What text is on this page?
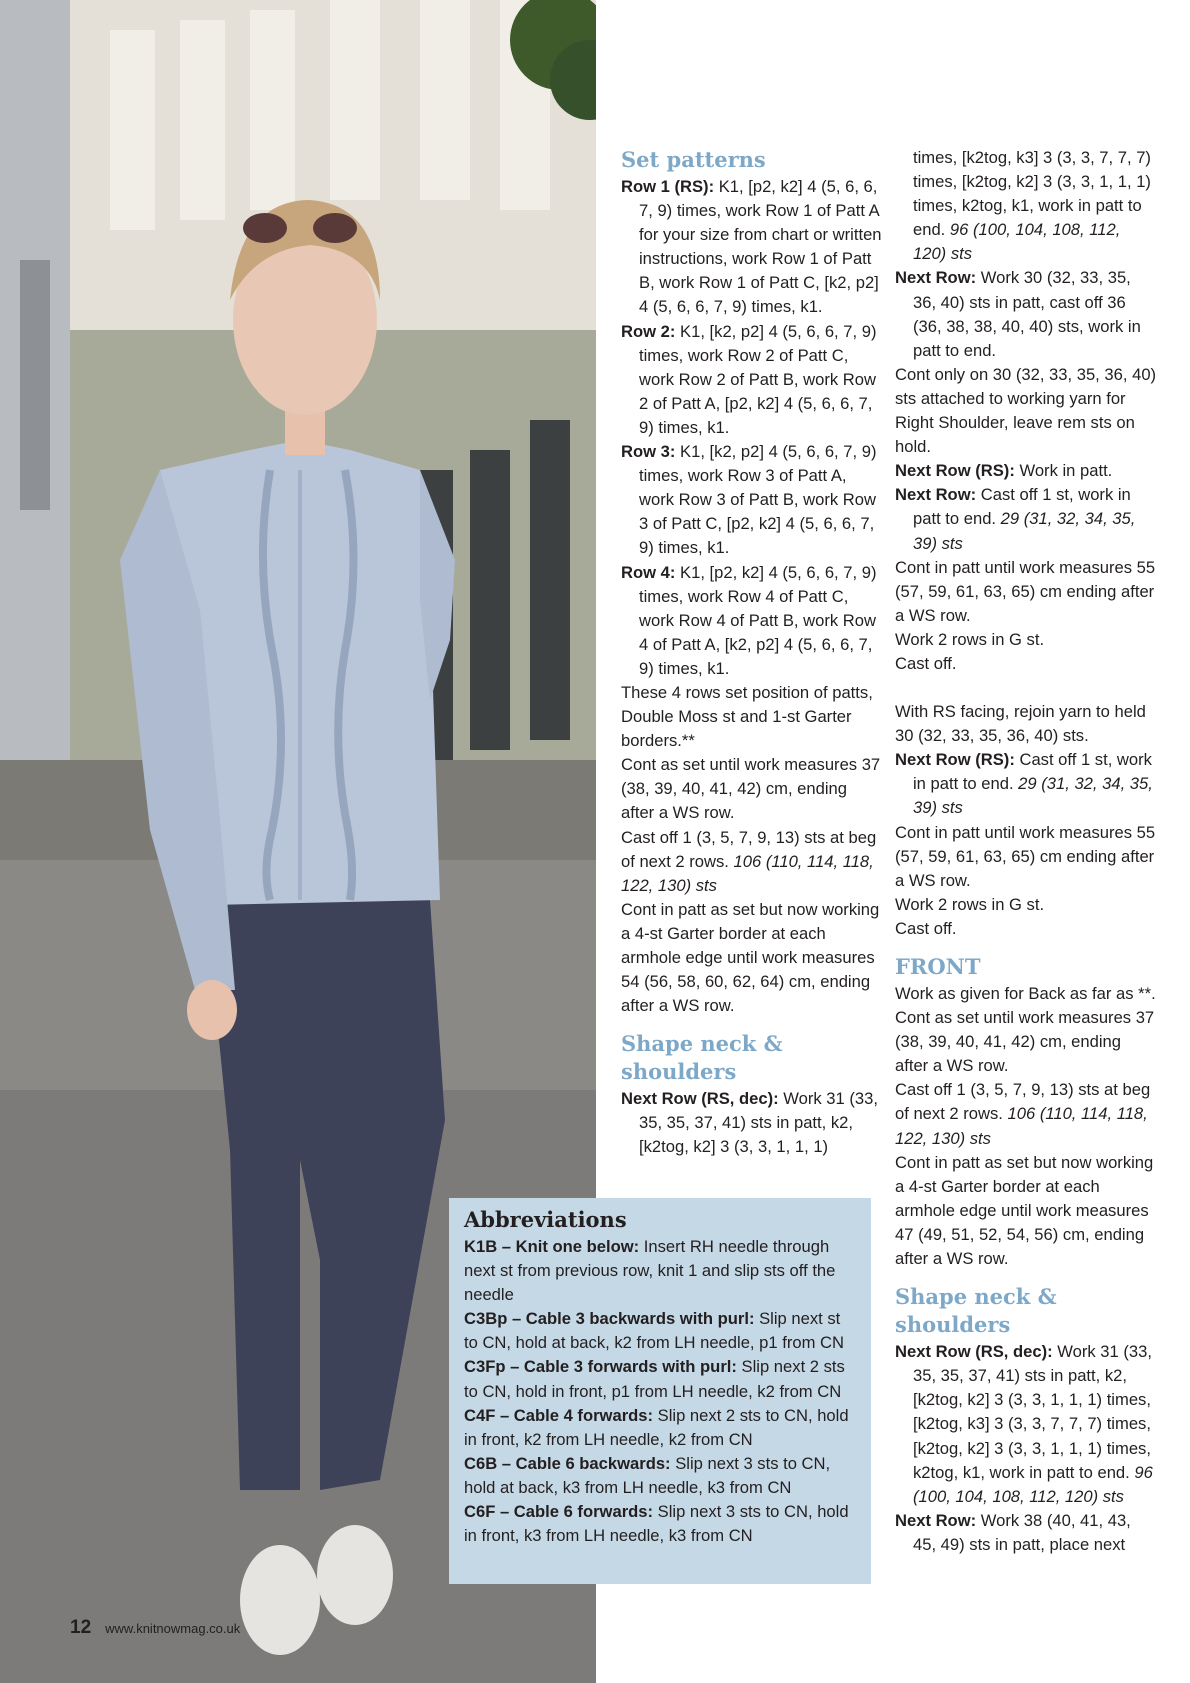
Set patterns

Row 1 (RS): K1, [p2, k2] 4 (5, 6, 6, 7, 9) times, work Row 1 of Patt A for your size from chart or written instructions, work Row 1 of Patt B, work Row 1 of Patt C, [k2, p2] 4 (5, 6, 6, 7, 9) times, k1.

Row 2: K1, [k2, p2] 4 (5, 6, 6, 7, 9) times, work Row 2 of Patt C, work Row 2 of Patt B, work Row 2 of Patt A, [p2, k2] 4 (5, 6, 6, 7, 9) times, k1.

Row 3: K1, [k2, p2] 4 (5, 6, 6, 7, 9) times, work Row 3 of Patt A, work Row 3 of Patt B, work Row 3 of Patt C, [p2, k2] 4 (5, 6, 6, 7, 9) times, k1.

Row 4: K1, [p2, k2] 4 (5, 6, 6, 7, 9) times, work Row 4 of Patt C, work Row 4 of Patt B, work Row 4 of Patt A, [k2, p2] 4 (5, 6, 6, 7, 9) times, k1.

These 4 rows set position of patts, Double Moss st and 1-st Garter borders.**

Cont as set until work measures 37 (38, 39, 40, 41, 42) cm, ending after a WS row.

Cast off 1 (3, 5, 7, 9, 13) sts at beg of next 2 rows. 106 (110, 114, 118, 122, 130) sts

Cont in patt as set but now working a 4-st Garter border at each armhole edge until work measures 54 (56, 58, 60, 62, 64) cm, ending after a WS row.

Shape neck & shoulders

Next Row (RS, dec): Work 31 (33, 35, 35, 37, 41) sts in patt, k2, [k2tog, k2] 3 (3, 3, 1, 1, 1)

times, [k2tog, k3] 3 (3, 3, 7, 7, 7) times, [k2tog, k2] 3 (3, 3, 1, 1, 1) times, k2tog, k1, work in patt to end. 96 (100, 104, 108, 112, 120) sts

Next Row: Work 30 (32, 33, 35, 36, 40) sts in patt, cast off 36 (36, 38, 38, 40, 40) sts, work in patt to end.

Cont only on 30 (32, 33, 35, 36, 40) sts attached to working yarn for Right Shoulder, leave rem sts on hold.

Next Row (RS): Work in patt.

Next Row: Cast off 1 st, work in patt to end. 29 (31, 32, 34, 35, 39) sts

Cont in patt until work measures 55 (57, 59, 61, 63, 65) cm ending after a WS row.

Work 2 rows in G st.

Cast off.

With RS facing, rejoin yarn to held 30 (32, 33, 35, 36, 40) sts.

Next Row (RS): Cast off 1 st, work in patt to end. 29 (31, 32, 34, 35, 39) sts

Cont in patt until work measures 55 (57, 59, 61, 63, 65) cm ending after a WS row.

Work 2 rows in G st.

Cast off.

FRONT

Work as given for Back as far as **.

Cont as set until work measures 37 (38, 39, 40, 41, 42) cm, ending after a WS row.

Cast off 1 (3, 5, 7, 9, 13) sts at beg of next 2 rows. 106 (110, 114, 118, 122, 130) sts

Cont in patt as set but now working a 4-st Garter border at each armhole edge until work measures 47 (49, 51, 52, 54, 56) cm, ending after a WS row.

Shape neck & shoulders

Next Row (RS, dec): Work 31 (33, 35, 35, 37, 41) sts in patt, k2, [k2tog, k2] 3 (3, 3, 1, 1, 1) times, [k2tog, k3] 3 (3, 3, 7, 7, 7) times, [k2tog, k2] 3 (3, 3, 1, 1, 1) times, k2tog, k1, work in patt to end. 96 (100, 104, 108, 112, 120) sts

Next Row: Work 38 (40, 41, 43, 45, 49) sts in patt, place next

Abbreviations

K1B – Knit one below: Insert RH needle through next st from previous row, knit 1 and slip sts off the needle

C3Bp – Cable 3 backwards with purl: Slip next st to CN, hold at back, k2 from LH needle, p1 from CN

C3Fp – Cable 3 forwards with purl: Slip next 2 sts to CN, hold in front, p1 from LH needle, k2 from CN

C4F – Cable 4 forwards: Slip next 2 sts to CN, hold in front, k2 from LH needle, k2 from CN

C6B – Cable 6 backwards: Slip next 3 sts to CN, hold at back, k3 from LH needle, k3 from CN

C6F – Cable 6 forwards: Slip next 3 sts to CN, hold in front, k3 from LH needle, k3 from CN

12 www.knitnowmag.co.uk
